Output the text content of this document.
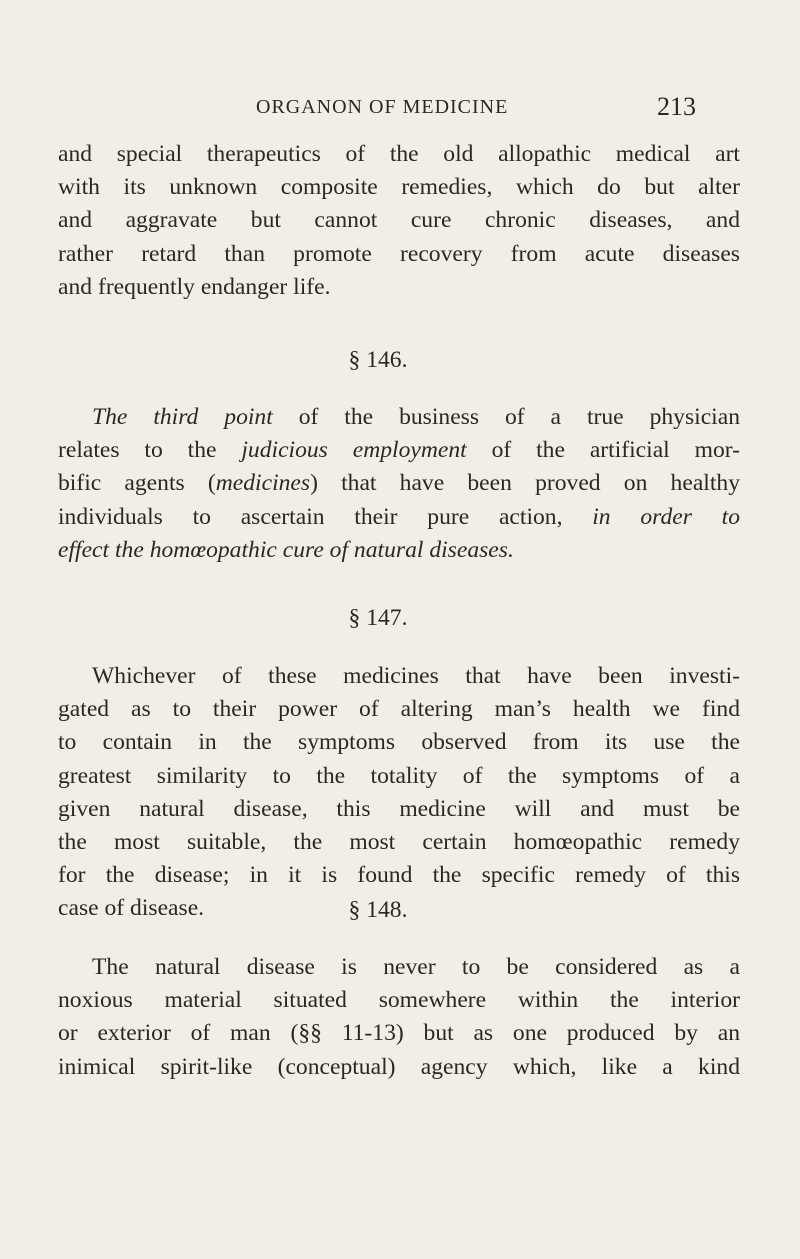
ORGANON OF MEDICINE	213
and special therapeutics of the old allopathic medical art
with its unknown composite remedies, which do but alter
and aggravate but cannot cure chronic diseases, and
rather retard than promote recovery from acute diseases
and frequently endanger life.
§ 146.
The third point of the business of a true physician
relates to the judicious employment of the artificial mor-
bific agents (medicines) that have been proved on healthy
individuals to ascertain their pure action, in order to
effect the homœopathic cure of natural diseases.
§ 147.
Whichever of these medicines that have been investi-
gated as to their power of altering man’s health we find
to contain in the symptoms observed from its use the
greatest similarity to the totality of the symptoms of a
given natural disease, this medicine will and must be
the most suitable, the most certain homœopathic remedy
for the disease; in it is found the specific remedy of this
case of disease.	§ 148.
The natural disease is never to be considered as a
noxious material situated somewhere within the interior
or exterior of man (§§ 11-13) but as one produced by an
inimical spirit-like (conceptual) agency which, like a kind
